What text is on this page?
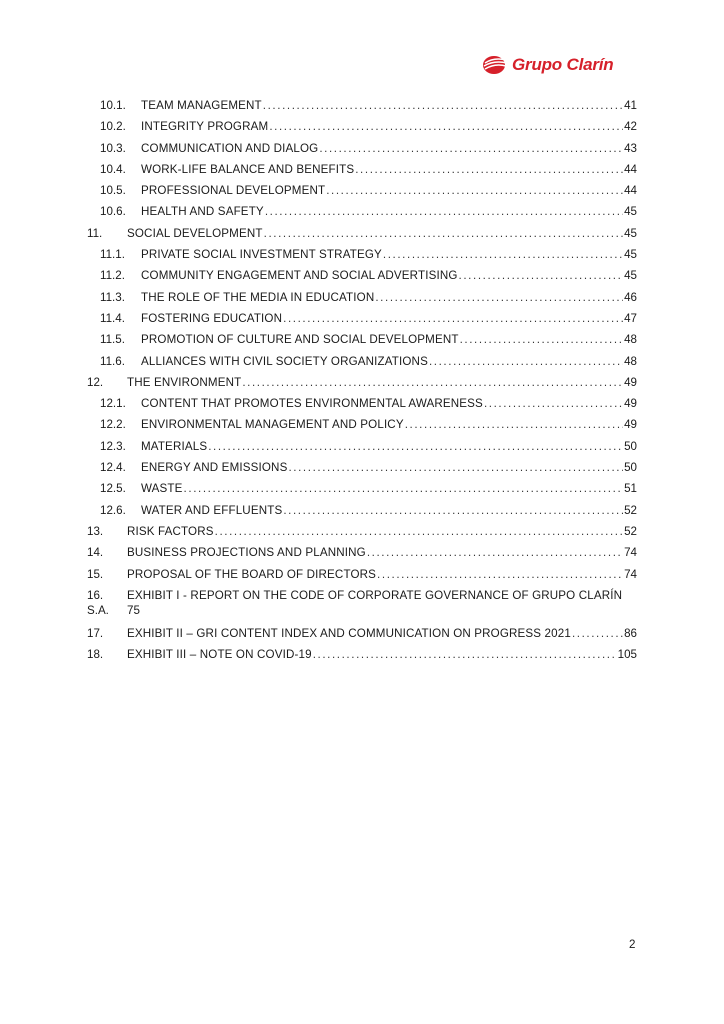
Grupo Clarín
10.1. TEAM MANAGEMENT .....	41
10.2. INTEGRITY PROGRAM .....	42
10.3. COMMUNICATION AND DIALOG .....	43
10.4. WORK-LIFE BALANCE AND BENEFITS .....	44
10.5. PROFESSIONAL DEVELOPMENT .....	44
10.6. HEALTH AND SAFETY .....	45
11. SOCIAL DEVELOPMENT .....	45
11.1. PRIVATE SOCIAL INVESTMENT STRATEGY .....	45
11.2. COMMUNITY ENGAGEMENT AND SOCIAL ADVERTISING .....	45
11.3. THE ROLE OF THE MEDIA IN EDUCATION .....	46
11.4. FOSTERING EDUCATION .....	47
11.5. PROMOTION OF CULTURE AND SOCIAL DEVELOPMENT .....	48
11.6. ALLIANCES WITH CIVIL SOCIETY ORGANIZATIONS .....	48
12. THE ENVIRONMENT .....	49
12.1. CONTENT THAT PROMOTES ENVIRONMENTAL AWARENESS .....	49
12.2. ENVIRONMENTAL MANAGEMENT AND POLICY .....	49
12.3. MATERIALS .....	50
12.4. ENERGY AND EMISSIONS .....	50
12.5. WASTE .....	51
12.6. WATER AND EFFLUENTS .....	52
13. RISK FACTORS .....	52
14. BUSINESS PROJECTIONS AND PLANNING .....	74
15. PROPOSAL OF THE BOARD OF DIRECTORS .....	74
16. EXHIBIT I - REPORT ON THE CODE OF CORPORATE GOVERNANCE OF GRUPO CLARÍN
S.A. 75
17. EXHIBIT II – GRI CONTENT INDEX AND COMMUNICATION ON PROGRESS 2021 .....	86
18. EXHIBIT III – NOTE ON COVID-19 .....	105
2
